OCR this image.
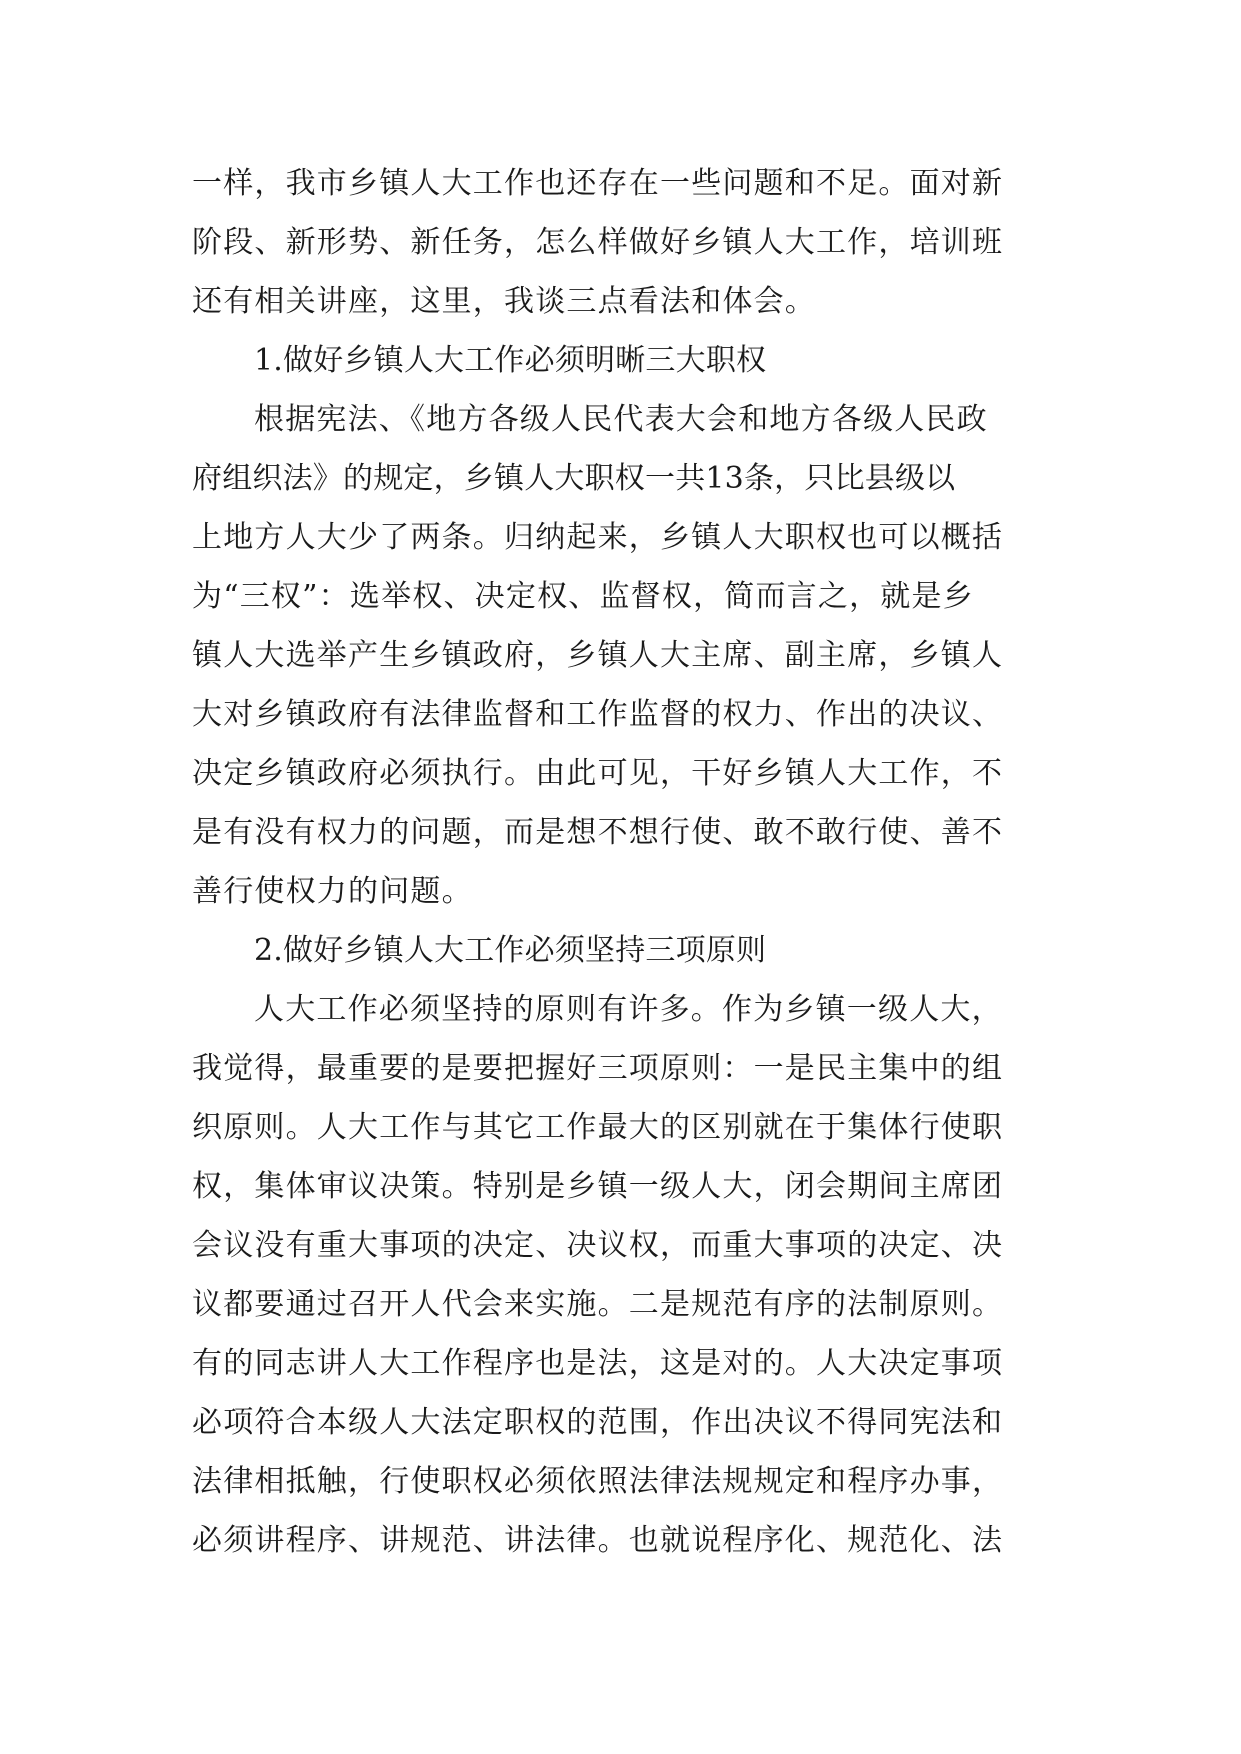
一样，我市乡镇人大工作也还存在一些问题和不足。面对新
阶段、新形势、新任务，怎么样做好乡镇人大工作，培训班
还有相关讲座，这里，我谈三点看法和体会。
1.做好乡镇人大工作必须明晰三大职权
根据宪法、《地方各级人民代表大会和地方各级人民政
府组织法》的规定，乡镇人大职权一共13条，只比县级以
上地方人大少了两条。归纳起来，乡镇人大职权也可以概括
为“三权”：选举权、决定权、监督权，简而言之，就是乡
镇人大选举产生乡镇政府，乡镇人大主席、副主席，乡镇人
大对乡镇政府有法律监督和工作监督的权力、作出的决议、
决定乡镇政府必须执行。由此可见，干好乡镇人大工作，不
是有没有权力的问题，而是想不想行使、敢不敢行使、善不
善行使权力的问题。
2.做好乡镇人大工作必须坚持三项原则
人大工作必须坚持的原则有许多。作为乡镇一级人大，
我觉得，最重要的是要把握好三项原则：一是民主集中的组
织原则。人大工作与其它工作最大的区别就在于集体行使职
权，集体审议决策。特别是乡镇一级人大，闭会期间主席团
会议没有重大事项的决定、决议权，而重大事项的决定、决
议都要通过召开人代会来实施。二是规范有序的法制原则。
有的同志讲人大工作程序也是法，这是对的。人大决定事项
必项符合本级人大法定职权的范围，作出决议不得同宪法和
法律相抵触，行使职权必须依照法律法规规定和程序办事，
必须讲程序、讲规范、讲法律。也就说程序化、规范化、法
